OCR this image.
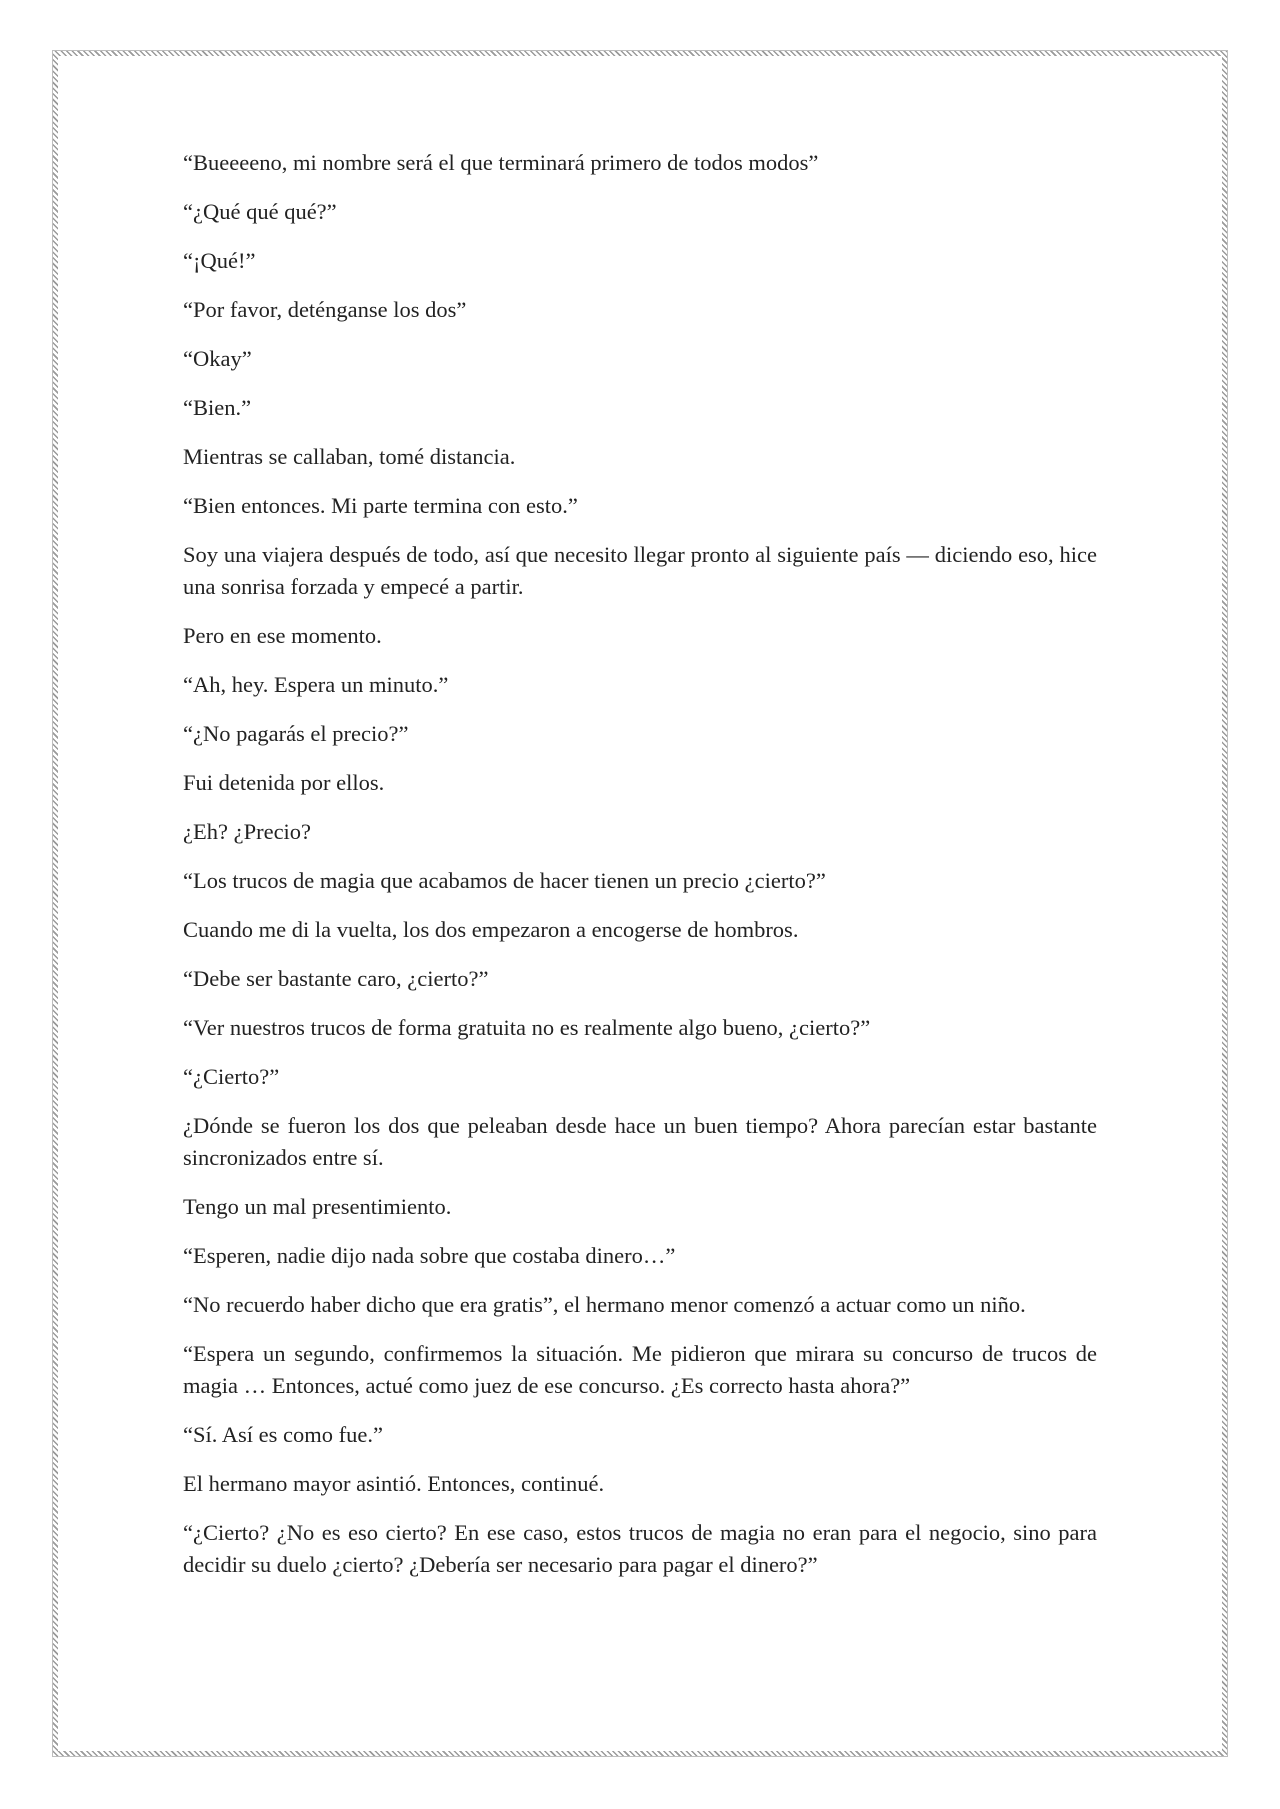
“Bueeeeno, mi nombre será el que terminará primero de todos modos”

“¿Qué qué qué?”

“¡Qué!”

“Por favor, deténganse los dos”

“Okay”

“Bien.”

Mientras se callaban, tomé distancia.

“Bien entonces. Mi parte termina con esto.”

Soy una viajera después de todo, así que necesito llegar pronto al siguiente país — diciendo eso, hice una sonrisa forzada y empecé a partir.

Pero en ese momento.

“Ah, hey. Espera un minuto.”

“¿No pagarás el precio?”

Fui detenida por ellos.

¿Eh? ¿Precio?

“Los trucos de magia que acabamos de hacer tienen un precio ¿cierto?”

Cuando me di la vuelta, los dos empezaron a encogerse de hombros.

“Debe ser bastante caro, ¿cierto?”

“Ver nuestros trucos de forma gratuita no es realmente algo bueno, ¿cierto?”

“¿Cierto?”

¿Dónde se fueron los dos que peleaban desde hace un buen tiempo? Ahora parecían estar bastante sincronizados entre sí.

Tengo un mal presentimiento.

“Esperen, nadie dijo nada sobre que costaba dinero…”

“No recuerdo haber dicho que era gratis”, el hermano menor comenzó a actuar como un niño.

“Espera un segundo, confirmemos la situación. Me pidieron que mirara su concurso de trucos de magia … Entonces, actué como juez de ese concurso. ¿Es correcto hasta ahora?”

“Sí. Así es como fue.”

El hermano mayor asintió. Entonces, continué.

“¿Cierto? ¿No es eso cierto? En ese caso, estos trucos de magia no eran para el negocio, sino para decidir su duelo ¿cierto? ¿Debería ser necesario para pagar el dinero?”
